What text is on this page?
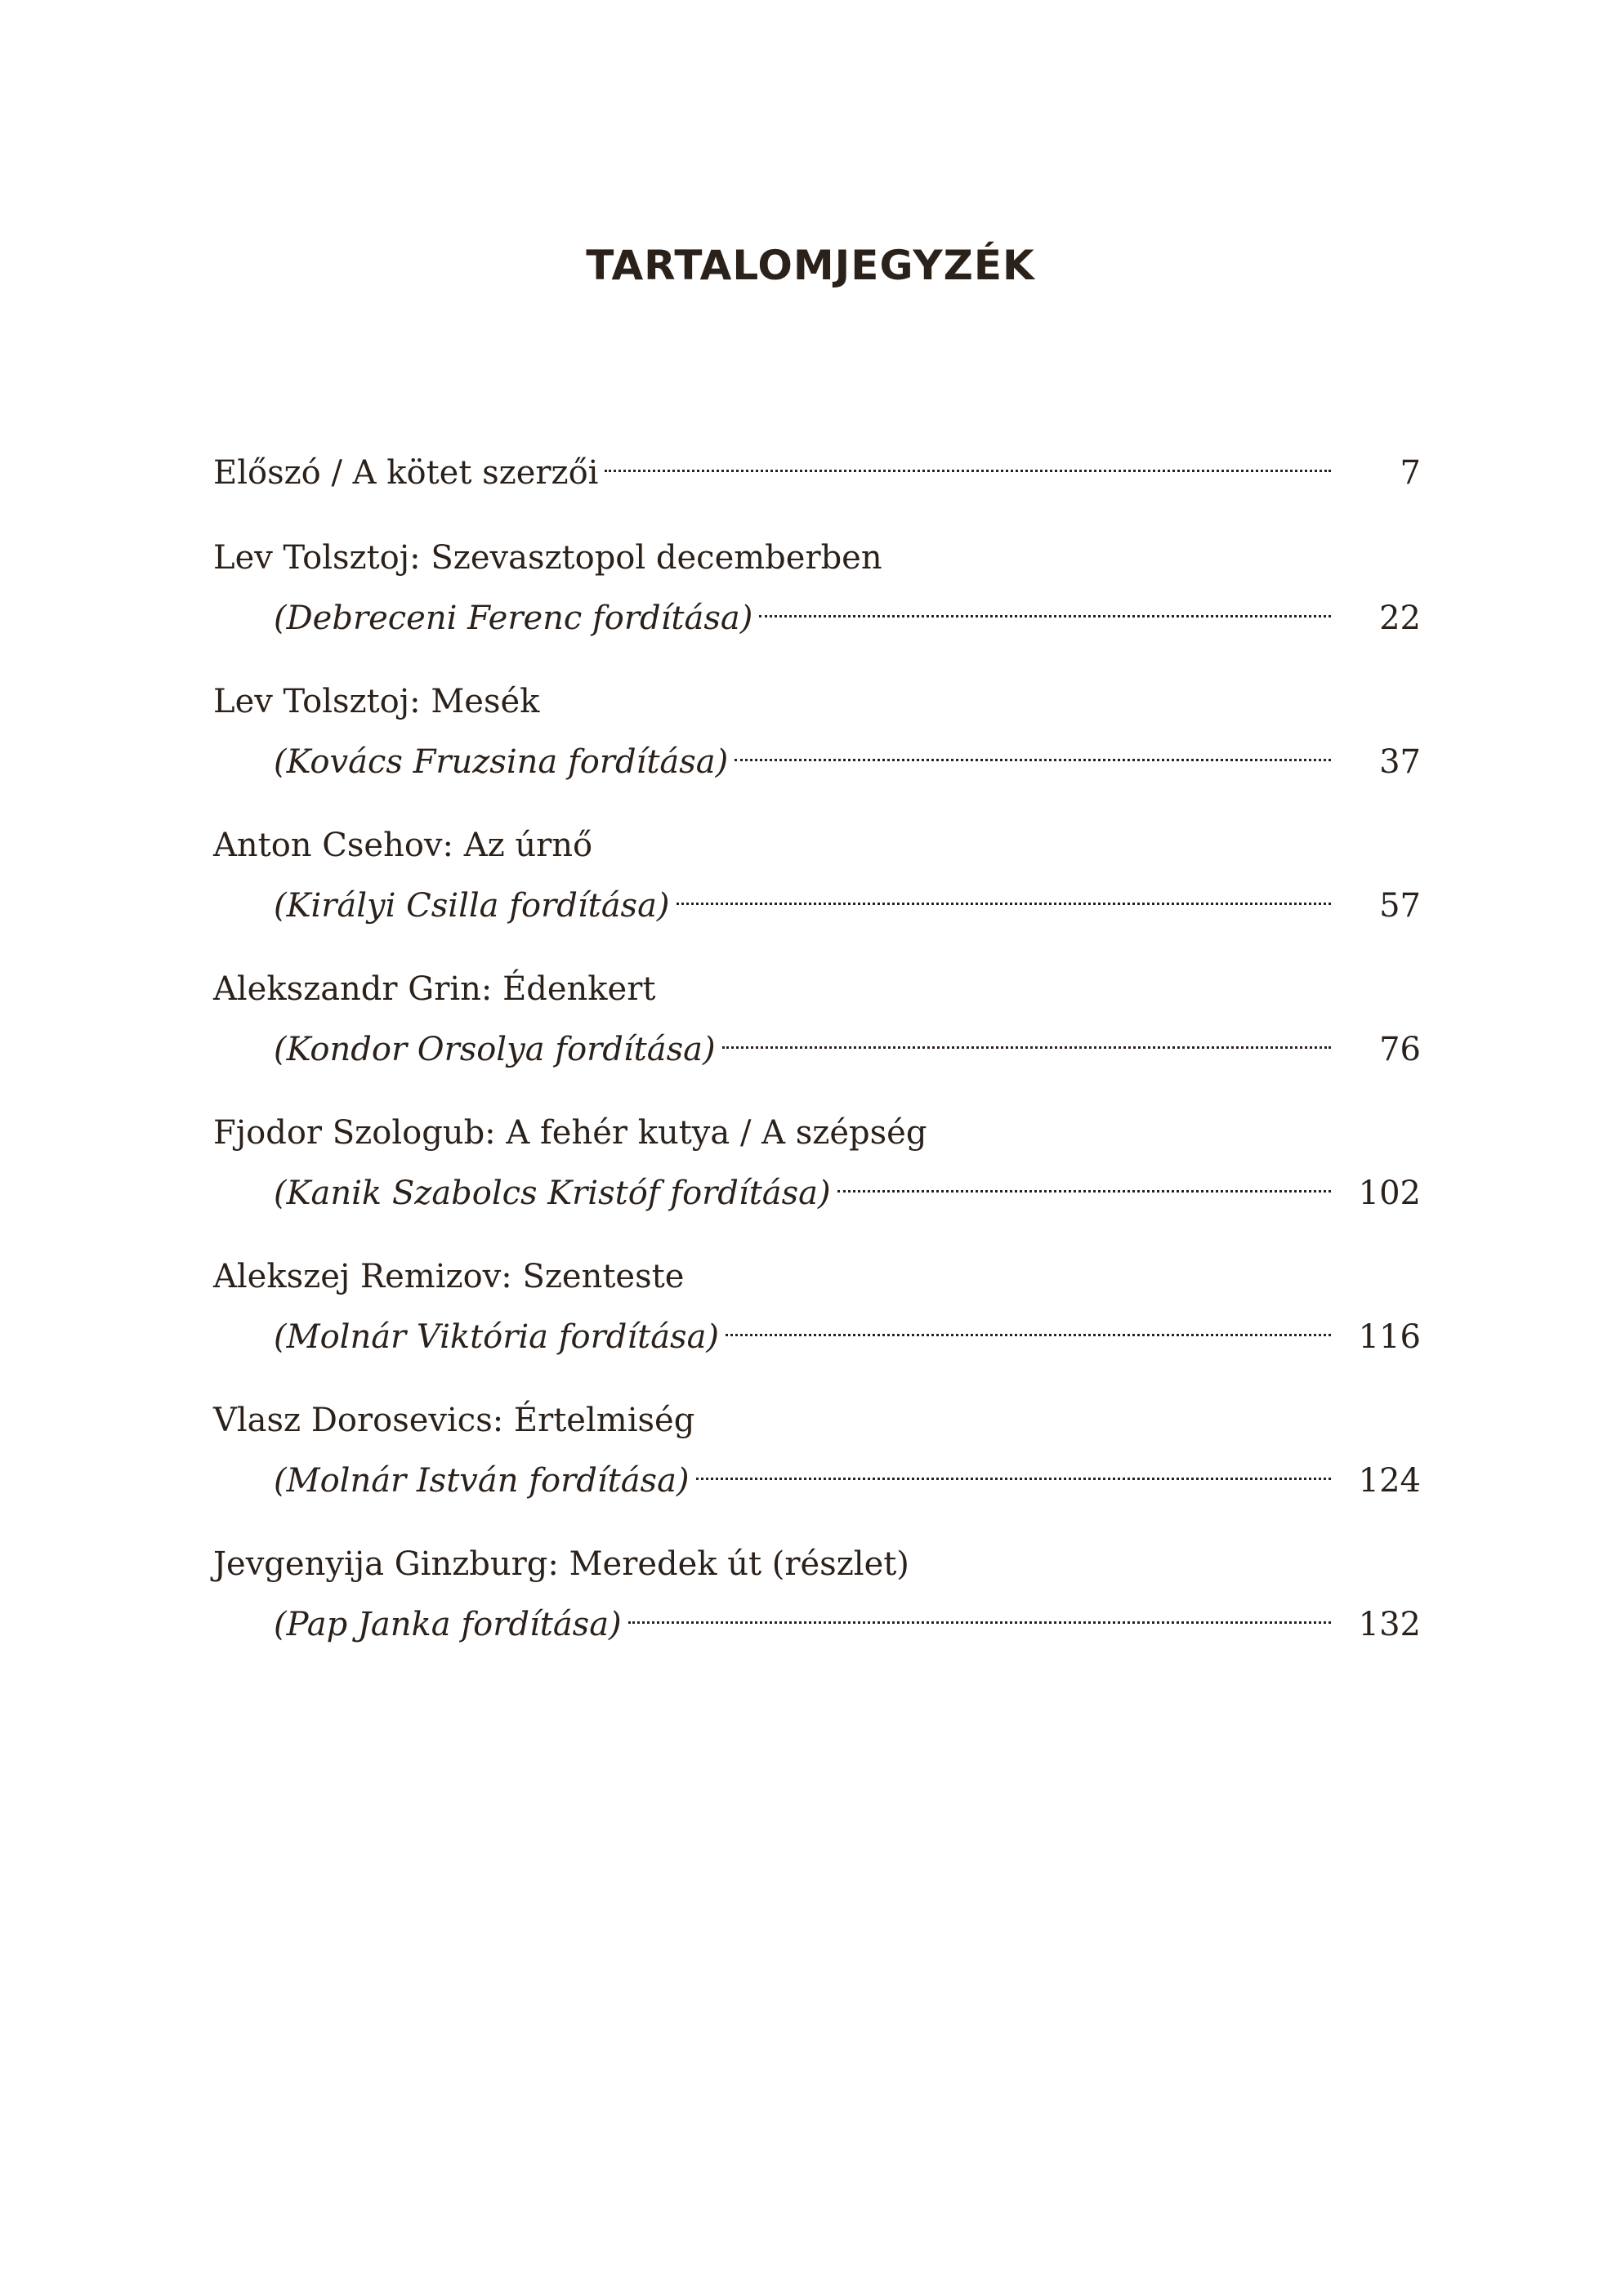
TARTALOMJEGYZÉK
Előszó / A kötet szerzői	7
Lev Tolsztoj: Szevasztopol decemberben
(Debreceni Ferenc fordítása)	22
Lev Tolsztoj: Mesék
(Kovács Fruzsina fordítása)	37
Anton Csehov: Az úrnő
(Királyi Csilla fordítása)	57
Alekszandr Grin: Édenkert
(Kondor Orsolya fordítása)	76
Fjodor Szologub: A fehér kutya / A szépség
(Kanik Szabolcs Kristóf fordítása)	102
Alekszej Remizov: Szenteste
(Molnár Viktória fordítása)	116
Vlasz Dorosevics: Értelmiség
(Molnár István fordítása)	124
Jevgenyija Ginzburg: Meredek út (részlet)
(Pap Janka fordítása)	132
